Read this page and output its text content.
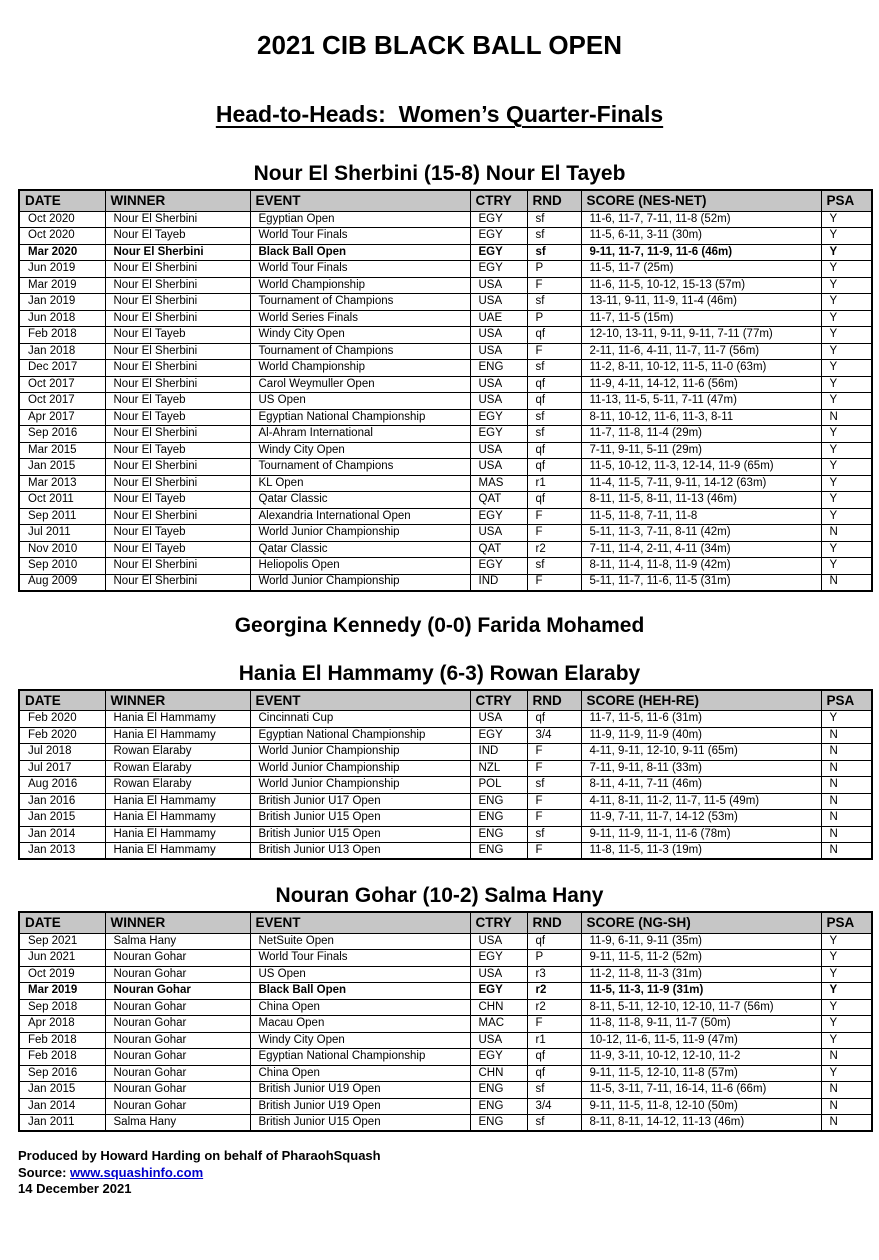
2021 CIB BLACK BALL OPEN
Head-to-Heads:  Women’s Quarter-Finals
Nour El Sherbini (15-8) Nour El Tayeb
DATE	WINNER	EVENT	CTRY	RND	SCORE (NES-NET)	PSA
Oct 2020	Nour El Sherbini	Egyptian Open	EGY	sf	11-6, 11-7, 7-11, 11-8 (52m)	Y
Oct 2020	Nour El Tayeb	World Tour Finals	EGY	sf	11-5, 6-11, 3-11 (30m)	Y
Mar 2020	Nour El Sherbini	Black Ball Open	EGY	sf	9-11, 11-7, 11-9, 11-6 (46m)	Y
Jun 2019	Nour El Sherbini	World Tour Finals	EGY	P	11-5, 11-7 (25m)	Y
Mar 2019	Nour El Sherbini	World Championship	USA	F	11-6, 11-5, 10-12, 15-13 (57m)	Y
Jan 2019	Nour El Sherbini	Tournament of Champions	USA	sf	13-11, 9-11, 11-9, 11-4 (46m)	Y
Jun 2018	Nour El Sherbini	World Series Finals	UAE	P	11-7, 11-5 (15m)	Y
Feb 2018	Nour El Tayeb	Windy City Open	USA	qf	12-10, 13-11, 9-11, 9-11, 7-11 (77m)	Y
Jan 2018	Nour El Sherbini	Tournament of Champions	USA	F	2-11, 11-6, 4-11, 11-7, 11-7 (56m)	Y
Dec 2017	Nour El Sherbini	World Championship	ENG	sf	11-2, 8-11, 10-12, 11-5, 11-0 (63m)	Y
Oct 2017	Nour El Sherbini	Carol Weymuller Open	USA	qf	11-9, 4-11, 14-12, 11-6 (56m)	Y
Oct 2017	Nour El Tayeb	US Open	USA	qf	11-13, 11-5, 5-11, 7-11 (47m)	Y
Apr 2017	Nour El Tayeb	Egyptian National Championship	EGY	sf	8-11, 10-12, 11-6, 11-3, 8-11	N
Sep 2016	Nour El Sherbini	Al-Ahram International	EGY	sf	11-7, 11-8, 11-4 (29m)	Y
Mar 2015	Nour El Tayeb	Windy City Open	USA	qf	7-11, 9-11, 5-11 (29m)	Y
Jan 2015	Nour El Sherbini	Tournament of Champions	USA	qf	11-5, 10-12, 11-3, 12-14, 11-9 (65m)	Y
Mar 2013	Nour El Sherbini	KL Open	MAS	r1	11-4, 11-5, 7-11, 9-11, 14-12 (63m)	Y
Oct 2011	Nour El Tayeb	Qatar Classic	QAT	qf	8-11, 11-5, 8-11, 11-13 (46m)	Y
Sep 2011	Nour El Sherbini	Alexandria International Open	EGY	F	11-5, 11-8, 7-11, 11-8	Y
Jul 2011	Nour El Tayeb	World Junior Championship	USA	F	5-11, 11-3, 7-11, 8-11 (42m)	N
Nov 2010	Nour El Tayeb	Qatar Classic	QAT	r2	7-11, 11-4, 2-11, 4-11 (34m)	Y
Sep 2010	Nour El Sherbini	Heliopolis Open	EGY	sf	8-11, 11-4, 11-8, 11-9 (42m)	Y
Aug 2009	Nour El Sherbini	World Junior Championship	IND	F	5-11, 11-7, 11-6, 11-5 (31m)	N
Georgina Kennedy (0-0) Farida Mohamed
Hania El Hammamy (6-3) Rowan Elaraby
DATE	WINNER	EVENT	CTRY	RND	SCORE (HEH-RE)	PSA
Feb 2020	Hania El Hammamy	Cincinnati Cup	USA	qf	11-7, 11-5, 11-6 (31m)	Y
Feb 2020	Hania El Hammamy	Egyptian National Championship	EGY	3/4	11-9, 11-9, 11-9 (40m)	N
Jul 2018	Rowan Elaraby	World Junior Championship	IND	F	4-11, 9-11, 12-10, 9-11 (65m)	N
Jul 2017	Rowan Elaraby	World Junior Championship	NZL	F	7-11, 9-11, 8-11 (33m)	N
Aug 2016	Rowan Elaraby	World Junior Championship	POL	sf	8-11, 4-11, 7-11 (46m)	N
Jan 2016	Hania El Hammamy	British Junior U17 Open	ENG	F	4-11, 8-11, 11-2, 11-7, 11-5 (49m)	N
Jan 2015	Hania El Hammamy	British Junior U15 Open	ENG	F	11-9, 7-11, 11-7, 14-12 (53m)	N
Jan 2014	Hania El Hammamy	British Junior U15 Open	ENG	sf	9-11, 11-9, 11-1, 11-6 (78m)	N
Jan 2013	Hania El Hammamy	British Junior U13 Open	ENG	F	11-8, 11-5, 11-3 (19m)	N
Nouran Gohar (10-2) Salma Hany
DATE	WINNER	EVENT	CTRY	RND	SCORE (NG-SH)	PSA
Sep 2021	Salma Hany	NetSuite Open	USA	qf	11-9, 6-11, 9-11 (35m)	Y
Jun 2021	Nouran Gohar	World Tour Finals	EGY	P	9-11, 11-5, 11-2 (52m)	Y
Oct 2019	Nouran Gohar	US Open	USA	r3	11-2, 11-8, 11-3 (31m)	Y
Mar 2019	Nouran Gohar	Black Ball Open	EGY	r2	11-5, 11-3, 11-9 (31m)	Y
Sep 2018	Nouran Gohar	China Open	CHN	r2	8-11, 5-11, 12-10, 12-10, 11-7 (56m)	Y
Apr 2018	Nouran Gohar	Macau Open	MAC	F	11-8, 11-8, 9-11, 11-7 (50m)	Y
Feb 2018	Nouran Gohar	Windy City Open	USA	r1	10-12, 11-6, 11-5, 11-9 (47m)	Y
Feb 2018	Nouran Gohar	Egyptian National Championship	EGY	qf	11-9, 3-11, 10-12, 12-10, 11-2	N
Sep 2016	Nouran Gohar	China Open	CHN	qf	9-11, 11-5, 12-10, 11-8 (57m)	Y
Jan 2015	Nouran Gohar	British Junior U19 Open	ENG	sf	11-5, 3-11, 7-11, 16-14, 11-6 (66m)	N
Jan 2014	Nouran Gohar	British Junior U19 Open	ENG	3/4	9-11, 11-5, 11-8, 12-10 (50m)	N
Jan 2011	Salma Hany	British Junior U15 Open	ENG	sf	8-11, 8-11, 14-12, 11-13 (46m)	N
Produced by Howard Harding on behalf of PharaohSquash
Source: www.squashinfo.com
14 December 2021
